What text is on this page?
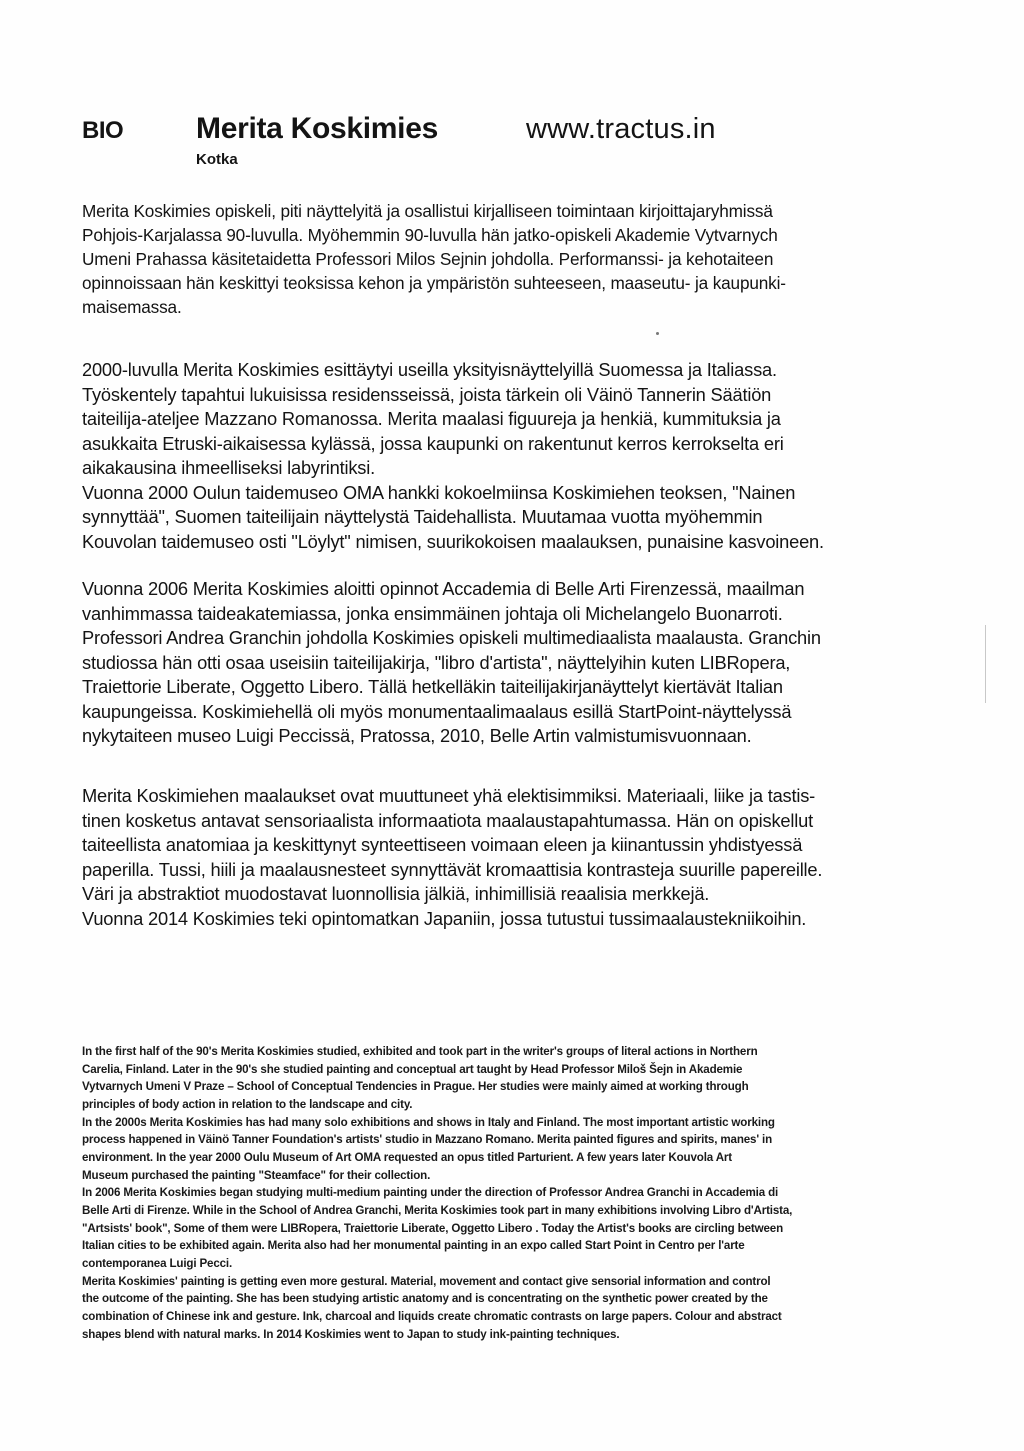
BIO Merita Koskimies
Kotka
www.tractus.in

Merita Koskimies opiskeli, piti näyttelyitä ja osallistui kirjalliseen toimintaan kirjoittajaryhmissä

Pohjois-Karjalassa 90-luvulla. Myöhemmin 90-luvulla hän jatko-opiskeli Akademie Vytvarnych

Umeni Prahassa käsitetaidetta Professori Milos Sejnin johdolla. Performanssi- ja kehotaiteen

opinnoissaan hän keskittyi teoksissa kehon ja ympäristön suhteeseen, maaseutu- ja kaupunki-

maisemassa.

2000-luvulla Merita Koskimies esittäytyi useilla yksityisnäyttelyillä Suomessa ja Italiassa.

Työskentely tapahtui lukuisissa residensseissä, joista tärkein oli Väinö Tannerin Säätiön

taiteilija-ateljee Mazzano Romanossa. Merita maalasi figuureja ja henkiä, kummituksia ja

asukkaita Etruski-aikaisessa kylässä, jossa kaupunki on rakentunut kerros kerrokselta eri

aikakausina ihmeelliseksi labyrintiksi.

Vuonna 2000 Oulun taidemuseo OMA hankki kokoelmiinsa Koskimiehen teoksen, "Nainen

synnyttää", Suomen taiteilijain näyttelystä Taidehallista. Muutamaa vuotta myöhemmin

Kouvolan taidemuseo osti "Löylyt" nimisen, suurikokoisen maalauksen, punaisine kasvoineen.

Vuonna 2006 Merita Koskimies aloitti opinnot Accademia di Belle Arti Firenzessä, maailman

vanhimmassa taideakatemiassa, jonka ensimmäinen johtaja oli Michelangelo Buonarroti.

Professori Andrea Granchin johdolla Koskimies opiskeli multimediaalista maalausta. Granchin

studiossa hän otti osaa useisiin taiteilijakirja, "libro d'artista", näyttelyihin kuten LIBRopera,

Traiettorie Liberate, Oggetto Libero. Tällä hetkelläkin taiteilijakirjanäyttelyt kiertävät Italian

kaupungeissa. Koskimiehellä oli myös monumentaalimaalaus esillä StartPoint-näyttelyssä

nykytaiteen museo Luigi Peccissä, Pratossa, 2010, Belle Artin valmistumisvuonnaan.

Merita Koskimiehen maalaukset ovat muuttuneet yhä elektisimmiksi. Materiaali, liike ja tastis-

tinen kosketus antavat sensoriaalista informaatiota maalaustapahtumassa. Hän on opiskellut

taiteellista anatomiaa ja keskittynyt synteettiseen voimaan eleen ja kiinantussin yhdistyessä

paperilla. Tussi, hiili ja maalausnesteet synnyttävät kromaattisia kontrasteja suurille papereille.

Väri ja abstraktiot muodostavat luonnollisia jälkiä, inhimillisiä reaalisia merkkejä.

Vuonna 2014 Koskimies teki opintomatkan Japaniin, jossa tutustui tussimaalaustekniikoihin.

In the first half of the 90's Merita Koskimies studied, exhibited and took part in the writer's groups of literal actions in Northern

Carelia, Finland. Later in the 90's she studied painting and conceptual art taught by Head Professor Miloš Šejn in Akademie

Vytvarnych Umeni V Praze – School of Conceptual Tendencies in Prague. Her studies were mainly aimed at working through

principles of body action in relation to the landscape and city.

In the 2000s Merita Koskimies has had many solo exhibitions and shows in Italy and Finland. The most important artistic working

process happened in Väinö Tanner Foundation's artists' studio in Mazzano Romano. Merita painted figures and spirits, manes' in

environment. In the year 2000 Oulu Museum of Art OMA requested an opus titled Parturient. A few years later Kouvola Art

Museum purchased the painting "Steamface" for their collection.

In 2006 Merita Koskimies began studying multi-medium painting under the direction of Professor Andrea Granchi in Accademia di

Belle Arti di Firenze. While in the School of Andrea Granchi, Merita Koskimies took part in many exhibitions involving Libro d'Artista,

"Artsists' book", Some of them were LIBRopera, Traiettorie Liberate, Oggetto Libero . Today the Artist's books are circling between

Italian cities to be exhibited again. Merita also had her monumental painting in an expo called Start Point in Centro per l'arte

contemporanea Luigi Pecci.

Merita Koskimies' painting is getting even more gestural. Material, movement and contact give sensorial information and control

the outcome of the painting. She has been studying artistic anatomy and is concentrating on the synthetic power created by the

combination of Chinese ink and gesture. Ink, charcoal and liquids create chromatic contrasts on large papers. Colour and abstract

shapes blend with natural marks. In 2014 Koskimies went to Japan to study ink-painting techniques.
